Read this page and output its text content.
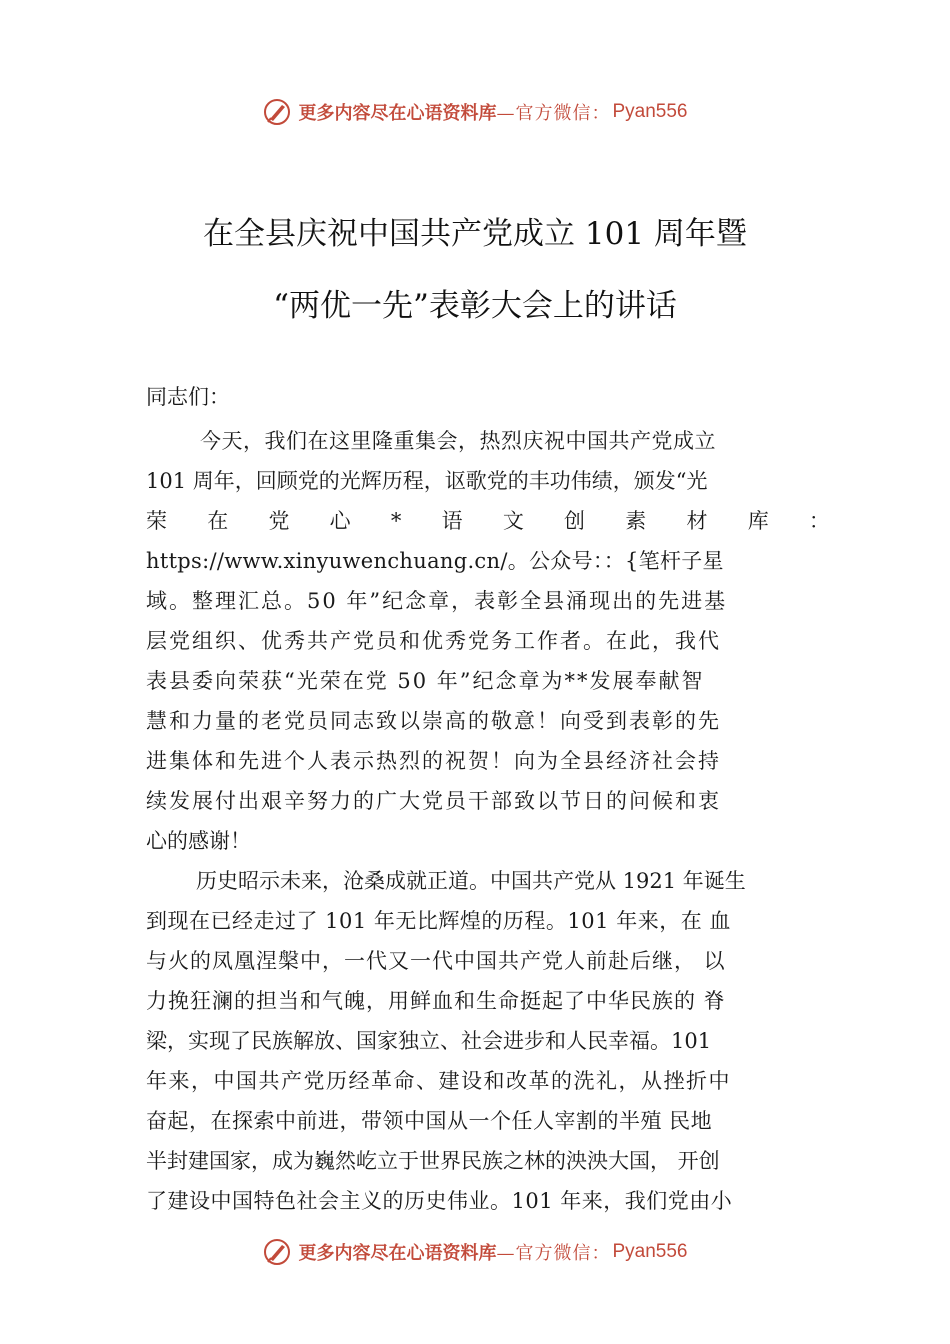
更多内容尽在心语资料库 —官方微信： Pyan556
在全县庆祝中国共产党成立 101 周年暨
“两优一先”表彰大会上的讲话
同志们：
今天，我们在这里隆重集会，热烈庆祝中国共产党成立
101 周年，回顾党的光辉历程，讴歌党的丰功伟绩，颁发“光
荣 在 党 心 * 语 文 创 素 材 库 ：
https://www.xinyuwenchuang.cn/。公众号：：{笔杆子星
域。整理汇总。50 年”纪念章，表彰全县涌现出的先进基
层党组织、优秀共产党员和优秀党务工作者。在此，我代
表县委向荣获“光荣在党 50 年”纪念章为**发展奉献智
慧和力量的老党员同志致以崇高的敬意！向受到表彰的先
进集体和先进个人表示热烈的祝贺！向为全县经济社会持
续发展付出艰辛努力的广大党员干部致以节日的问候和衷
心的感谢！
历史昭示未来，沧桑成就正道。中国共产党从 1921 年诞生
到现在已经走过了 101 年无比辉煌的历程。101 年来，在 血
与火的凤凰涅槃中，一代又一代中国共产党人前赴后继， 以
力挽狂澜的担当和气魄，用鲜血和生命挺起了中华民族的 脊
梁，实现了民族解放、国家独立、社会进步和人民幸福。101
年来，中国共产党历经革命、建设和改革的洗礼，从挫折中
奋起，在探索中前进，带领中国从一个任人宰割的半殖 民地
半封建国家，成为巍然屹立于世界民族之林的泱泱大国， 开创
了建设中国特色社会主义的历史伟业。101 年来，我们党由小
更多内容尽在心语资料库 —官方微信： Pyan556
